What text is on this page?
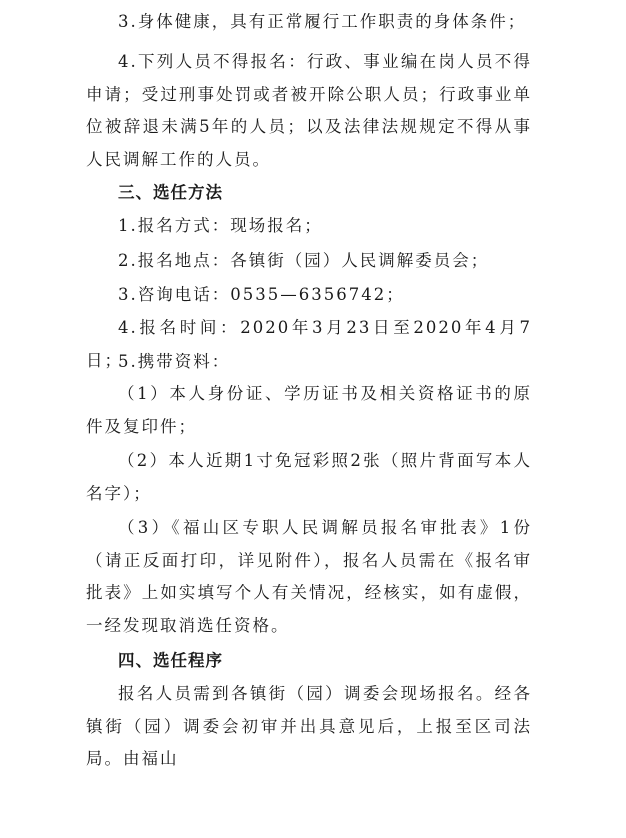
3.身体健康，具有正常履行工作职责的身体条件；

4.下列人员不得报名：行政、事业编在岗人员不得申请；受过刑事处罚或者被开除公职人员；行政事业单位被辞退未满5年的人员；以及法律法规规定不得从事人民调解工作的人员。

三、选任方法

1.报名方式：现场报名；

2.报名地点：各镇街（园）人民调解委员会；

3.咨询电话：0535—6356742；

4.报名时间：2020年3月23日至2020年4月7日；

5.携带资料：

（1）本人身份证、学历证书及相关资格证书的原件及复印件；

（2）本人近期1寸免冠彩照2张（照片背面写本人名字）；

（3）《福山区专职人民调解员报名审批表》1份（请正反面打印，详见附件），报名人员需在《报名审批表》上如实填写个人有关情况，经核实，如有虚假，一经发现取消选任资格。

四、选任程序

报名人员需到各镇街（园）调委会现场报名。经各镇街（园）调委会初审并出具意见后，上报至区司法局。由福山
